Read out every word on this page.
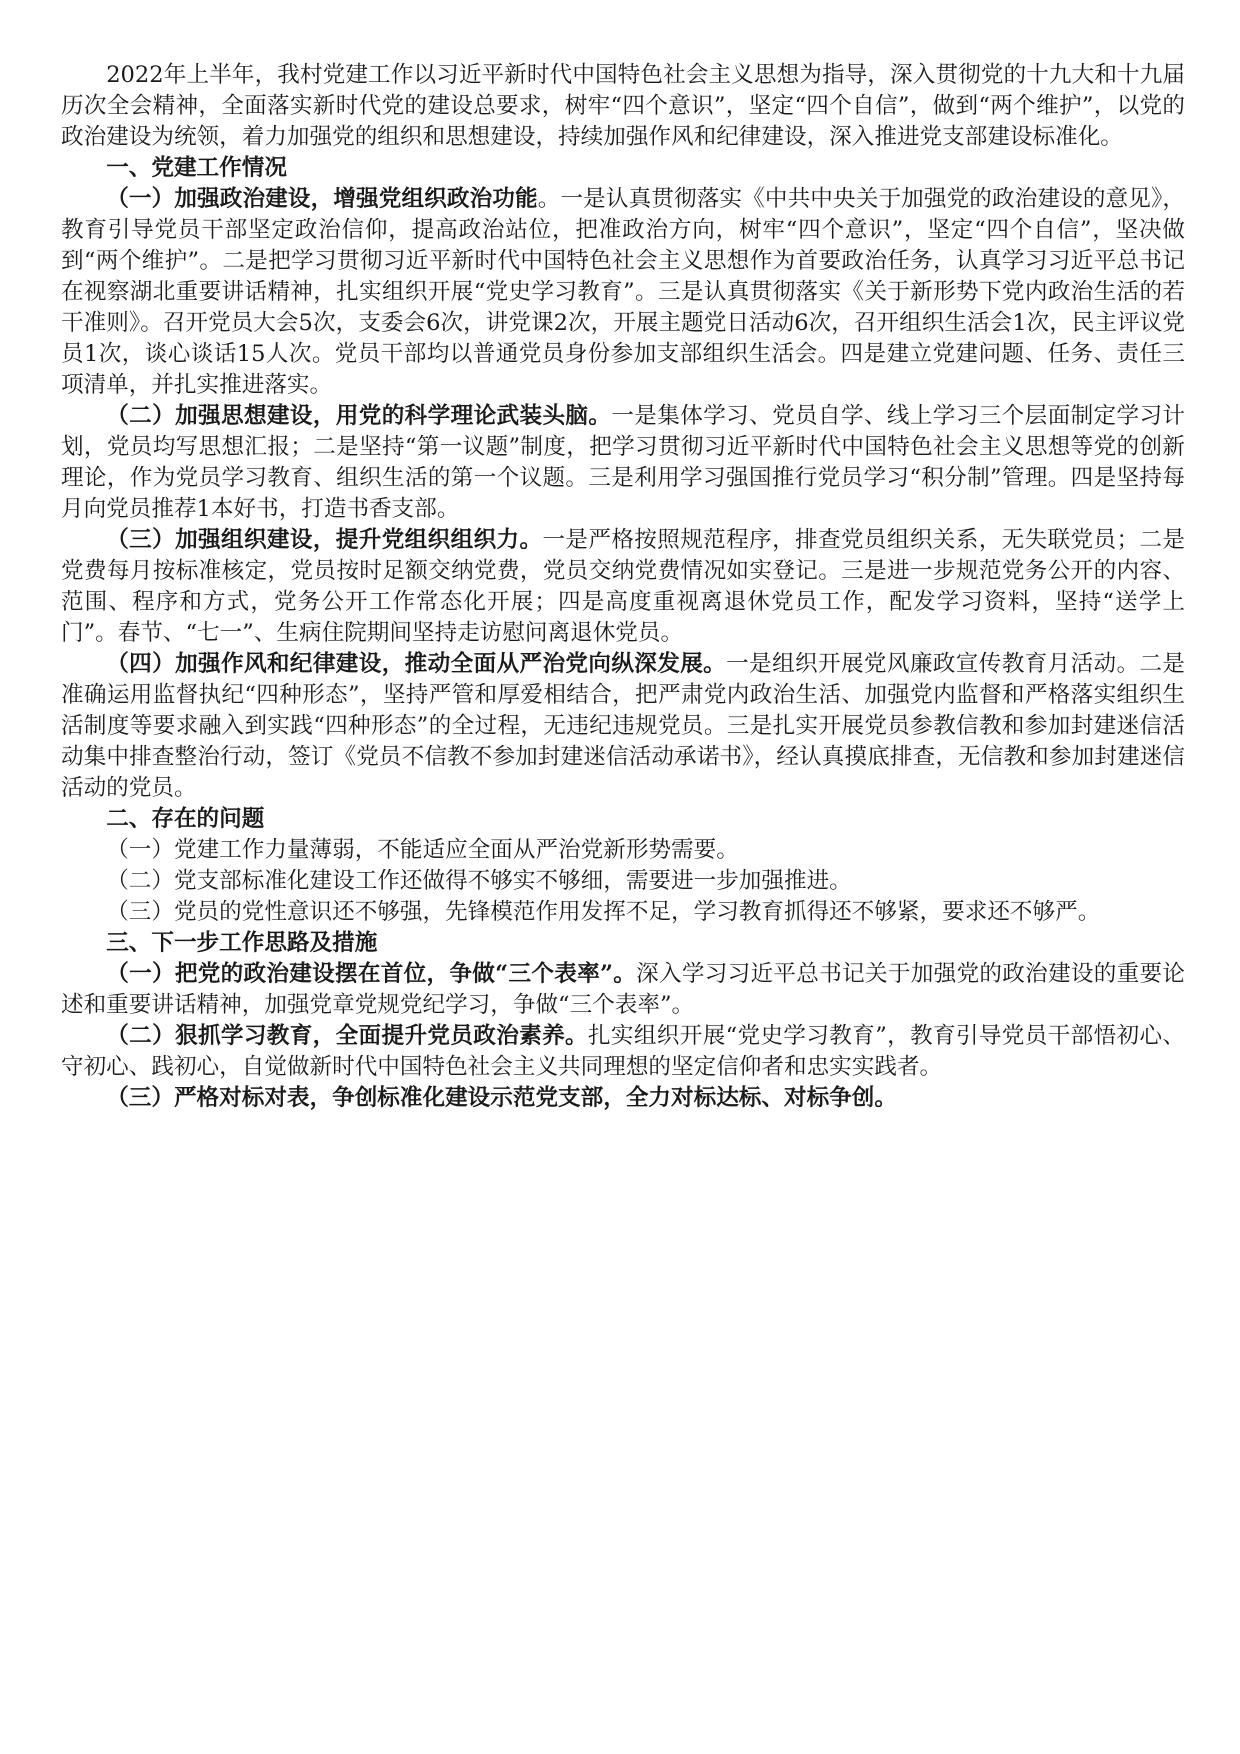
2022年上半年，我村党建工作以习近平新时代中国特色社会主义思想为指导，深入贯彻党的十九大和十九届历次全会精神，全面落实新时代党的建设总要求，树牢“四个意识”，坚定“四个自信”，做到“两个维护”，以党的政治建设为统领，着力加强党的组织和思想建设，持续加强作风和纪律建设，深入推进党支部建设标准化。

一、党建工作情况

（一）加强政治建设，增强党组织政治功能。一是认真贯彻落实《中共中央关于加强党的政治建设的意见》，教育引导党员干部坚定政治信仰，提高政治站位，把准政治方向，树牢“四个意识”，坚定“四个自信”，坚决做到“两个维护”。二是把学习贯彻习近平新时代中国特色社会主义思想作为首要政治任务，认真学习习近平总书记在视察湖北重要讲话精神，扎实组织开展“党史学习教育”。三是认真贯彻落实《关于新形势下党内政治生活的若干准则》。召开党员大会5次，支委会6次，讲党课2次，开展主题党日活动6次，召开组织生活会1次，民主评议党员1次，谈心谈话15人次。党员干部均以普通党员身份参加支部组织生活会。四是建立党建问题、任务、责任三项清单，并扎实推进落实。

（二）加强思想建设，用党的科学理论武装头脑。一是集体学习、党员自学、线上学习三个层面制定学习计划，党员均写思想汇报；二是坚持“第一议题”制度，把学习贯彻习近平新时代中国特色社会主义思想等党的创新理论，作为党员学习教育、组织生活的第一个议题。三是利用学习强国推行党员学习“积分制”管理。四是坚持每月向党员推荐1本好书，打造书香支部。

（三）加强组织建设，提升党组织组织力。一是严格按照规范程序，排查党员组织关系，无失联党员；二是党费每月按标准核定，党员按时足额交纳党费，党员交纳党费情况如实登记。三是进一步规范党务公开的内容、范围、程序和方式，党务公开工作常态化开展；四是高度重视离退休党员工作，配发学习资料，坚持“送学上门”。春节、“七一”、生病住院期间坚持走访慰问离退休党员。

（四）加强作风和纪律建设，推动全面从严治党向纵深发展。一是组织开展党风廉政宣传教育月活动。二是准确运用监督执纪“四种形态”，坚持严管和厚爱相结合，把严肃党内政治生活、加强党内监督和严格落实组织生活制度等要求融入到实践“四种形态”的全过程，无违纪违规党员。三是扎实开展党员参教信教和参加封建迷信活动集中排查整治行动，签订《党员不信教不参加封建迷信活动承诺书》，经认真摸底排查，无信教和参加封建迷信活动的党员。

二、存在的问题

（一）党建工作力量薄弱，不能适应全面从严治党新形势需要。

（二）党支部标准化建设工作还做得不够实不够细，需要进一步加强推进。

（三）党员的党性意识还不够强，先锋模范作用发挥不足，学习教育抓得还不够紧，要求还不够严。

三、下一步工作思路及措施

（一）把党的政治建设摆在首位，争做“三个表率”。深入学习习近平总书记关于加强党的政治建设的重要论述和重要讲话精神，加强党章党规党纪学习，争做“三个表率”。

（二）狠抓学习教育，全面提升党员政治素养。扎实组织开展“党史学习教育”，教育引导党员干部悟初心、守初心、践初心，自觉做新时代中国特色社会主义共同理想的坚定信仰者和忠实实践者。

（三）严格对标对表，争创标准化建设示范党支部，全力对标达标、对标争创。
